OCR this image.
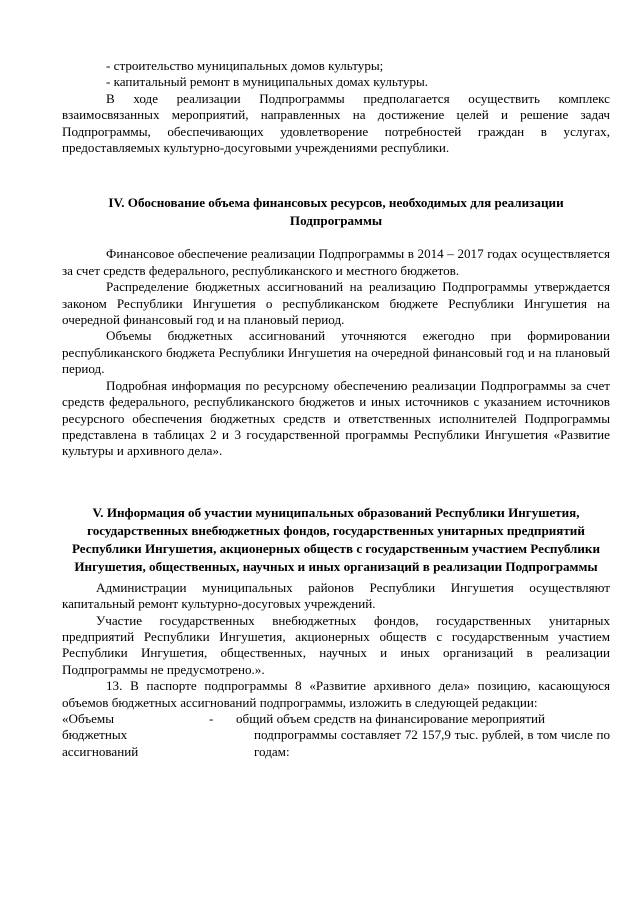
- строительство муниципальных домов культуры;

- капитальный ремонт в муниципальных домах культуры.

В ходе реализации Подпрограммы предполагается осуществить комплекс взаимосвязанных мероприятий, направленных на достижение целей и решение задач Подпрограммы, обеспечивающих удовлетворение потребностей граждан в услугах, предоставляемых культурно-досуговыми учреждениями республики.

IV. Обоснование объема финансовых ресурсов, необходимых для реализации Подпрограммы

Финансовое обеспечение реализации Подпрограммы в 2014 – 2017 годах осуществляется за счет средств федерального, республиканского и местного бюджетов.

Распределение бюджетных ассигнований на реализацию Подпрограммы утверждается законом Республики Ингушетия о республиканском бюджете Республики Ингушетия на очередной финансовый год и на плановый период.

Объемы бюджетных ассигнований уточняются ежегодно при формировании республиканского бюджета Республики Ингушетия на очередной финансовый год и на плановый период.

Подробная информация по ресурсному обеспечению реализации Подпрограммы за счет средств федерального, республиканского бюджетов и иных источников с указанием источников ресурсного обеспечения бюджетных средств и ответственных исполнителей Подпрограммы представлена в таблицах 2 и 3 государственной программы Республики Ингушетия «Развитие культуры и архивного дела».

V. Информация об участии муниципальных образований Республики Ингушетия, государственных внебюджетных фондов, государственных унитарных предприятий Республики Ингушетия, акционерных обществ с государственным участием Республики Ингушетия, общественных, научных и иных организаций в реализации Подпрограммы

Администрации муниципальных районов Республики Ингушетия осуществляют капитальный ремонт культурно-досуговых учреждений.

Участие государственных внебюджетных фондов, государственных унитарных предприятий Республики Ингушетия, акционерных обществ с государственным участием Республики Ингушетия, общественных, научных и иных организаций в реализации Подпрограммы не предусмотрено.».

13. В паспорте подпрограммы 8 «Развитие архивного дела» позицию, касающуюся объемов бюджетных ассигнований подпрограммы, изложить в следующей редакции:

«Объемы

бюджетных

ассигнований

- общий объем средств на финансирование мероприятий

подпрограммы составляет 72 157,9 тыс. рублей, в том числе по годам:
